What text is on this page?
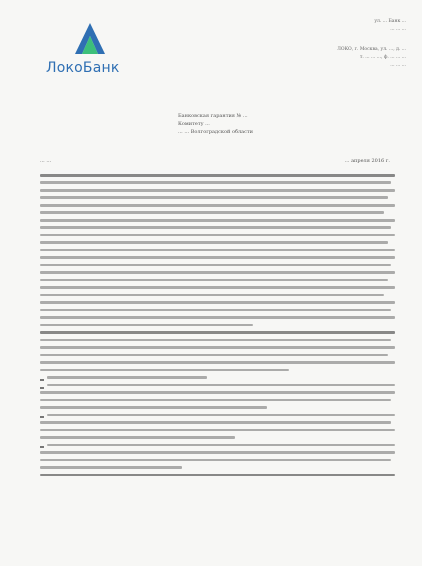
ЛокоБанк
ул. ... Банк ...
... ... ...
ЛОКО, г. Москва, ул. ..., д. ...
т. ... ... ..., ф. ... ... ...
... ... ...
Банковская гарантия № ...
Комитету ...
... ... Волгоградской области
... ...	... апреля 2016 г.
